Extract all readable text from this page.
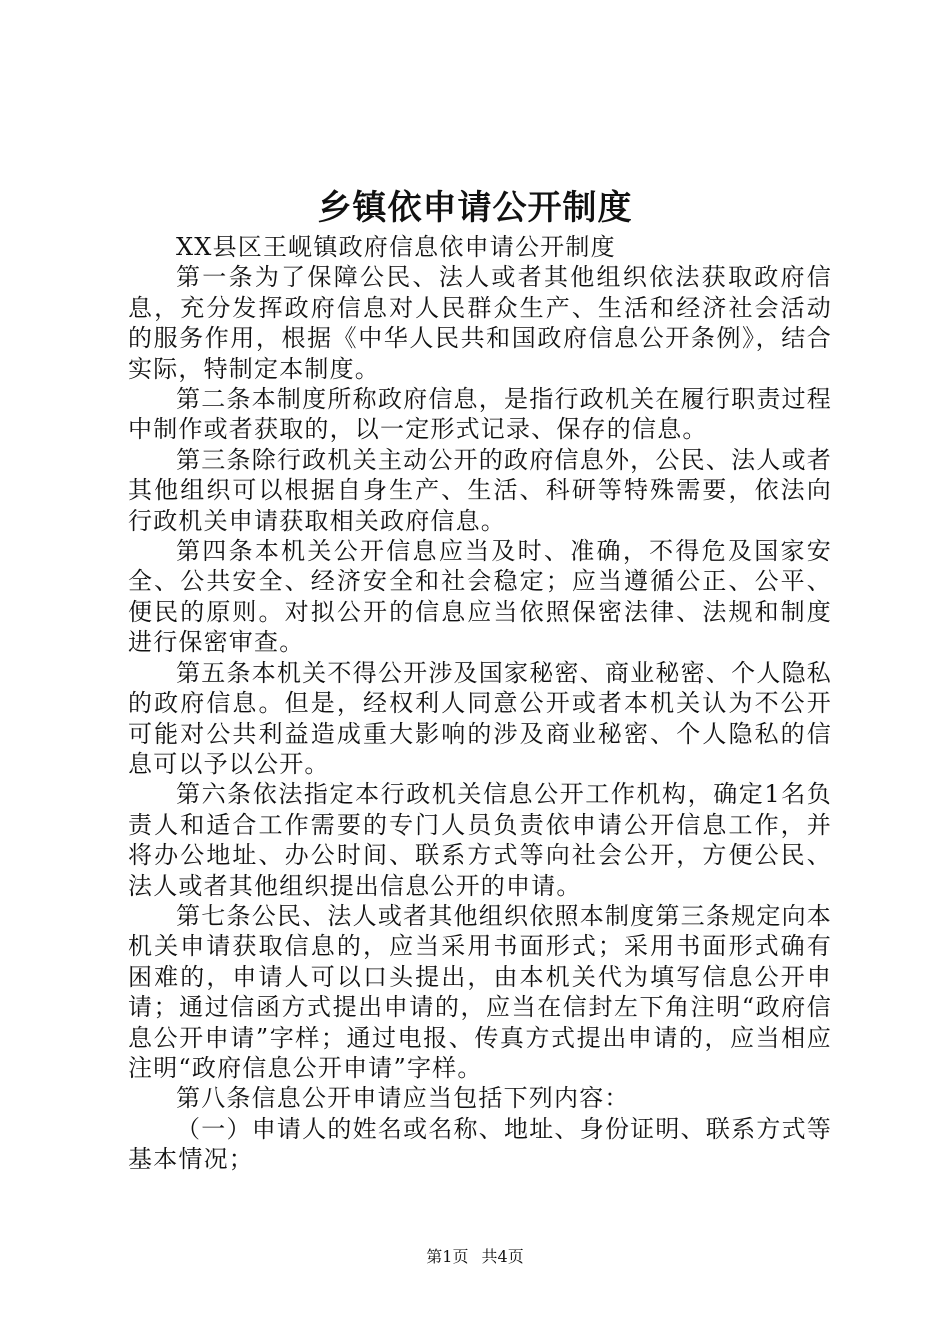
乡镇依申请公开制度

XX县区王岘镇政府信息依申请公开制度

第一条为了保障公民、法人或者其他组织依法获取政府信息，充分发挥政府信息对人民群众生产、生活和经济社会活动的服务作用，根据《中华人民共和国政府信息公开条例》，结合实际，特制定本制度。

第二条本制度所称政府信息，是指行政机关在履行职责过程中制作或者获取的，以一定形式记录、保存的信息。

第三条除行政机关主动公开的政府信息外，公民、法人或者其他组织可以根据自身生产、生活、科研等特殊需要，依法向行政机关申请获取相关政府信息。

第四条本机关公开信息应当及时、准确，不得危及国家安全、公共安全、经济安全和社会稳定；应当遵循公正、公平、便民的原则。对拟公开的信息应当依照保密法律、法规和制度进行保密审查。

第五条本机关不得公开涉及国家秘密、商业秘密、个人隐私的政府信息。但是，经权利人同意公开或者本机关认为不公开可能对公共利益造成重大影响的涉及商业秘密、个人隐私的信息可以予以公开。

第六条依法指定本行政机关信息公开工作机构，确定1名负责人和适合工作需要的专门人员负责依申请公开信息工作，并将办公地址、办公时间、联系方式等向社会公开，方便公民、法人或者其他组织提出信息公开的申请。

第七条公民、法人或者其他组织依照本制度第三条规定向本机关申请获取信息的，应当采用书面形式；采用书面形式确有困难的，申请人可以口头提出，由本机关代为填写信息公开申请；通过信函方式提出申请的，应当在信封左下角注明“政府信息公开申请”字样；通过电报、传真方式提出申请的，应当相应注明“政府信息公开申请”字样。

第八条信息公开申请应当包括下列内容：

（一）申请人的姓名或名称、地址、身份证明、联系方式等基本情况；

第1页 共4页
